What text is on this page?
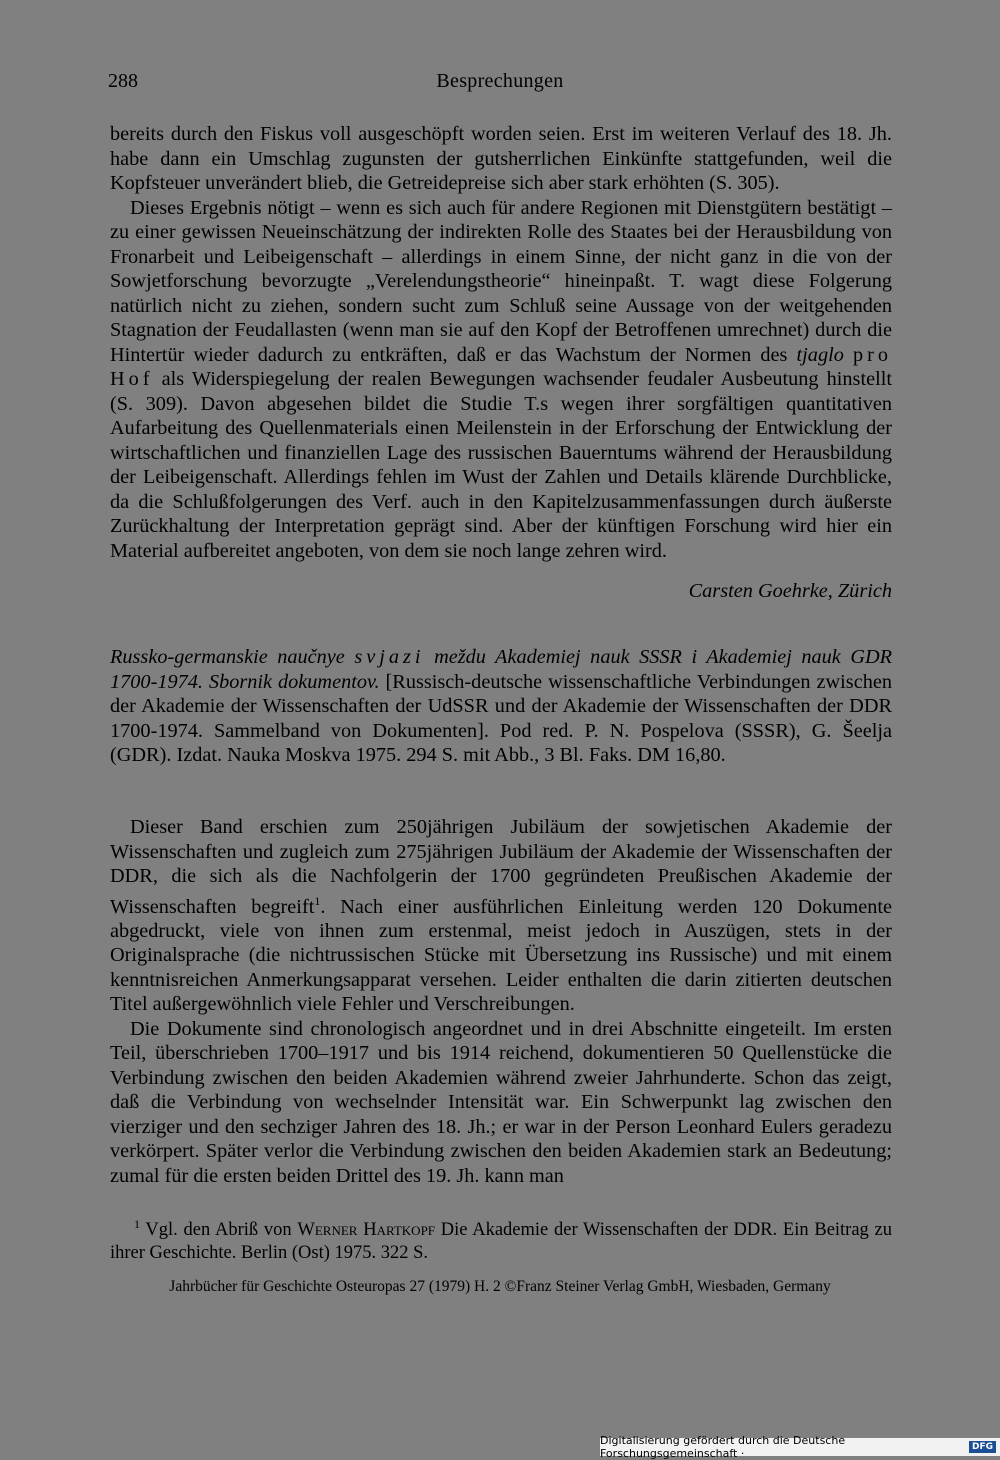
288	Besprechungen

bereits durch den Fiskus voll ausgeschöpft worden seien. Erst im weiteren Verlauf des 18. Jh. habe dann ein Umschlag zugunsten der gutsherrlichen Einkünfte stattgefunden, weil die Kopfsteuer unverändert blieb, die Getreidepreise sich aber stark erhöhten (S. 305).

Dieses Ergebnis nötigt – wenn es sich auch für andere Regionen mit Dienstgütern bestätigt – zu einer gewissen Neueinschätzung der indirekten Rolle des Staates bei der Herausbildung von Fronarbeit und Leibeigenschaft – allerdings in einem Sinne, der nicht ganz in die von der Sowjetforschung bevorzugte „Verelendungstheorie“ hineinpaßt. T. wagt diese Folgerung natürlich nicht zu ziehen, sondern sucht zum Schluß seine Aussage von der weitgehenden Stagnation der Feudallasten (wenn man sie auf den Kopf der Betroffenen umrechnet) durch die Hintertür wieder dadurch zu entkräften, daß er das Wachstum der Normen des tjaglo pro Hof als Widerspiegelung der realen Bewegungen wachsender feudaler Ausbeutung hinstellt (S. 309). Davon abgesehen bildet die Studie T.s wegen ihrer sorgfältigen quantitativen Aufarbeitung des Quellenmaterials einen Meilenstein in der Erforschung der Entwicklung der wirtschaftlichen und finanziellen Lage des russischen Bauerntums während der Herausbildung der Leibeigenschaft. Allerdings fehlen im Wust der Zahlen und Details klärende Durchblicke, da die Schlußfolgerungen des Verf. auch in den Kapitelzusammenfassungen durch äußerste Zurückhaltung der Interpretation geprägt sind. Aber der künftigen Forschung wird hier ein Material aufbereitet angeboten, von dem sie noch lange zehren wird.

Carsten Goehrke, Zürich
Russko-germanskie naučnye svjazi meždu Akademiej nauk SSSR i Akademiej nauk GDR 1700-1974. Sbornik dokumentov. [Russisch-deutsche wissenschaftliche Verbindungen zwischen der Akademie der Wissenschaften der UdSSR und der Akademie der Wissenschaften der DDR 1700-1974. Sammelband von Dokumenten]. Pod red. P. N. Pospelova (SSSR), G. Šeelja (GDR). Izdat. Nauka Moskva 1975. 294 S. mit Abb., 3 Bl. Faks. DM 16,80.

Dieser Band erschien zum 250jährigen Jubiläum der sowjetischen Akademie der Wissenschaften und zugleich zum 275jährigen Jubiläum der Akademie der Wissenschaften der DDR, die sich als die Nachfolgerin der 1700 gegründeten Preußischen Akademie der Wissenschaften begreift$^1$. Nach einer ausführlichen Einleitung werden 120 Dokumente abgedruckt, viele von ihnen zum erstenmal, meist jedoch in Auszügen, stets in der Originalsprache (die nichtrussischen Stücke mit Übersetzung ins Russische) und mit einem kenntnisreichen Anmerkungsapparat versehen. Leider enthalten die darin zitierten deutschen Titel außergewöhnlich viele Fehler und Verschreibungen.

Die Dokumente sind chronologisch angeordnet und in drei Abschnitte eingeteilt. Im ersten Teil, überschrieben 1700–1917 und bis 1914 reichend, dokumentieren 50 Quellenstücke die Verbindung zwischen den beiden Akademien während zweier Jahrhunderte. Schon das zeigt, daß die Verbindung von wechselnder Intensität war. Ein Schwerpunkt lag zwischen den vierziger und den sechziger Jahren des 18. Jh.; er war in der Person Leonhard Eulers geradezu verkörpert. Später verlor die Verbindung zwischen den beiden Akademien stark an Bedeutung; zumal für die ersten beiden Drittel des 19. Jh. kann man

$^1$ Vgl. den Abriß von Werner Hartkopf Die Akademie der Wissenschaften der DDR. Ein Beitrag zu ihrer Geschichte. Berlin (Ost) 1975. 322 S.
Jahrbücher für Geschichte Osteuropas 27 (1979) H. 2 ©Franz Steiner Verlag GmbH, Wiesbaden, Germany
Digitalisierung gefördert durch die Deutsche Forschungsgemeinschaft ·	DFG
